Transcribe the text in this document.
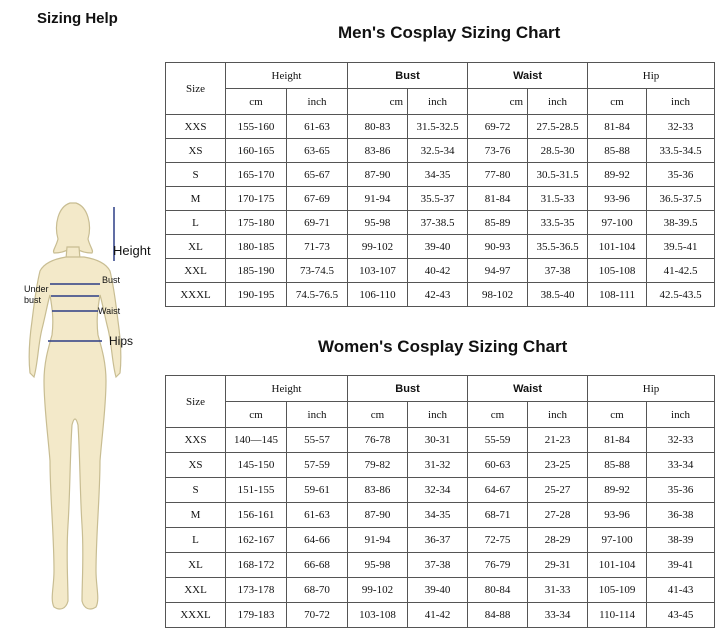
Sizing Help
Height
Bust
Under bust
Waist
Hips
Men's Cosplay Sizing Chart
Size	Height		Bust		Waist		Hip	
	cm	inch	cm	inch	cm	inch	cm	inch
XXS	155-160	61-63	80-83	31.5-32.5	69-72	27.5-28.5	81-84	32-33
XS	160-165	63-65	83-86	32.5-34	73-76	28.5-30	85-88	33.5-34.5
S	165-170	65-67	87-90	34-35	77-80	30.5-31.5	89-92	35-36
M	170-175	67-69	91-94	35.5-37	81-84	31.5-33	93-96	36.5-37.5
L	175-180	69-71	95-98	37-38.5	85-89	33.5-35	97-100	38-39.5
XL	180-185	71-73	99-102	39-40	90-93	35.5-36.5	101-104	39.5-41
XXL	185-190	73-74.5	103-107	40-42	94-97	37-38	105-108	41-42.5
XXXL	190-195	74.5-76.5	106-110	42-43	98-102	38.5-40	108-111	42.5-43.5
Women's Cosplay Sizing Chart
Size	Height		Bust		Waist		Hip	
	cm	inch	cm	inch	cm	inch	cm	inch
XXS	140—145	55-57	76-78	30-31	55-59	21-23	81-84	32-33
XS	145-150	57-59	79-82	31-32	60-63	23-25	85-88	33-34
S	151-155	59-61	83-86	32-34	64-67	25-27	89-92	35-36
M	156-161	61-63	87-90	34-35	68-71	27-28	93-96	36-38
L	162-167	64-66	91-94	36-37	72-75	28-29	97-100	38-39
XL	168-172	66-68	95-98	37-38	76-79	29-31	101-104	39-41
XXL	173-178	68-70	99-102	39-40	80-84	31-33	105-109	41-43
XXXL	179-183	70-72	103-108	41-42	84-88	33-34	110-114	43-45
